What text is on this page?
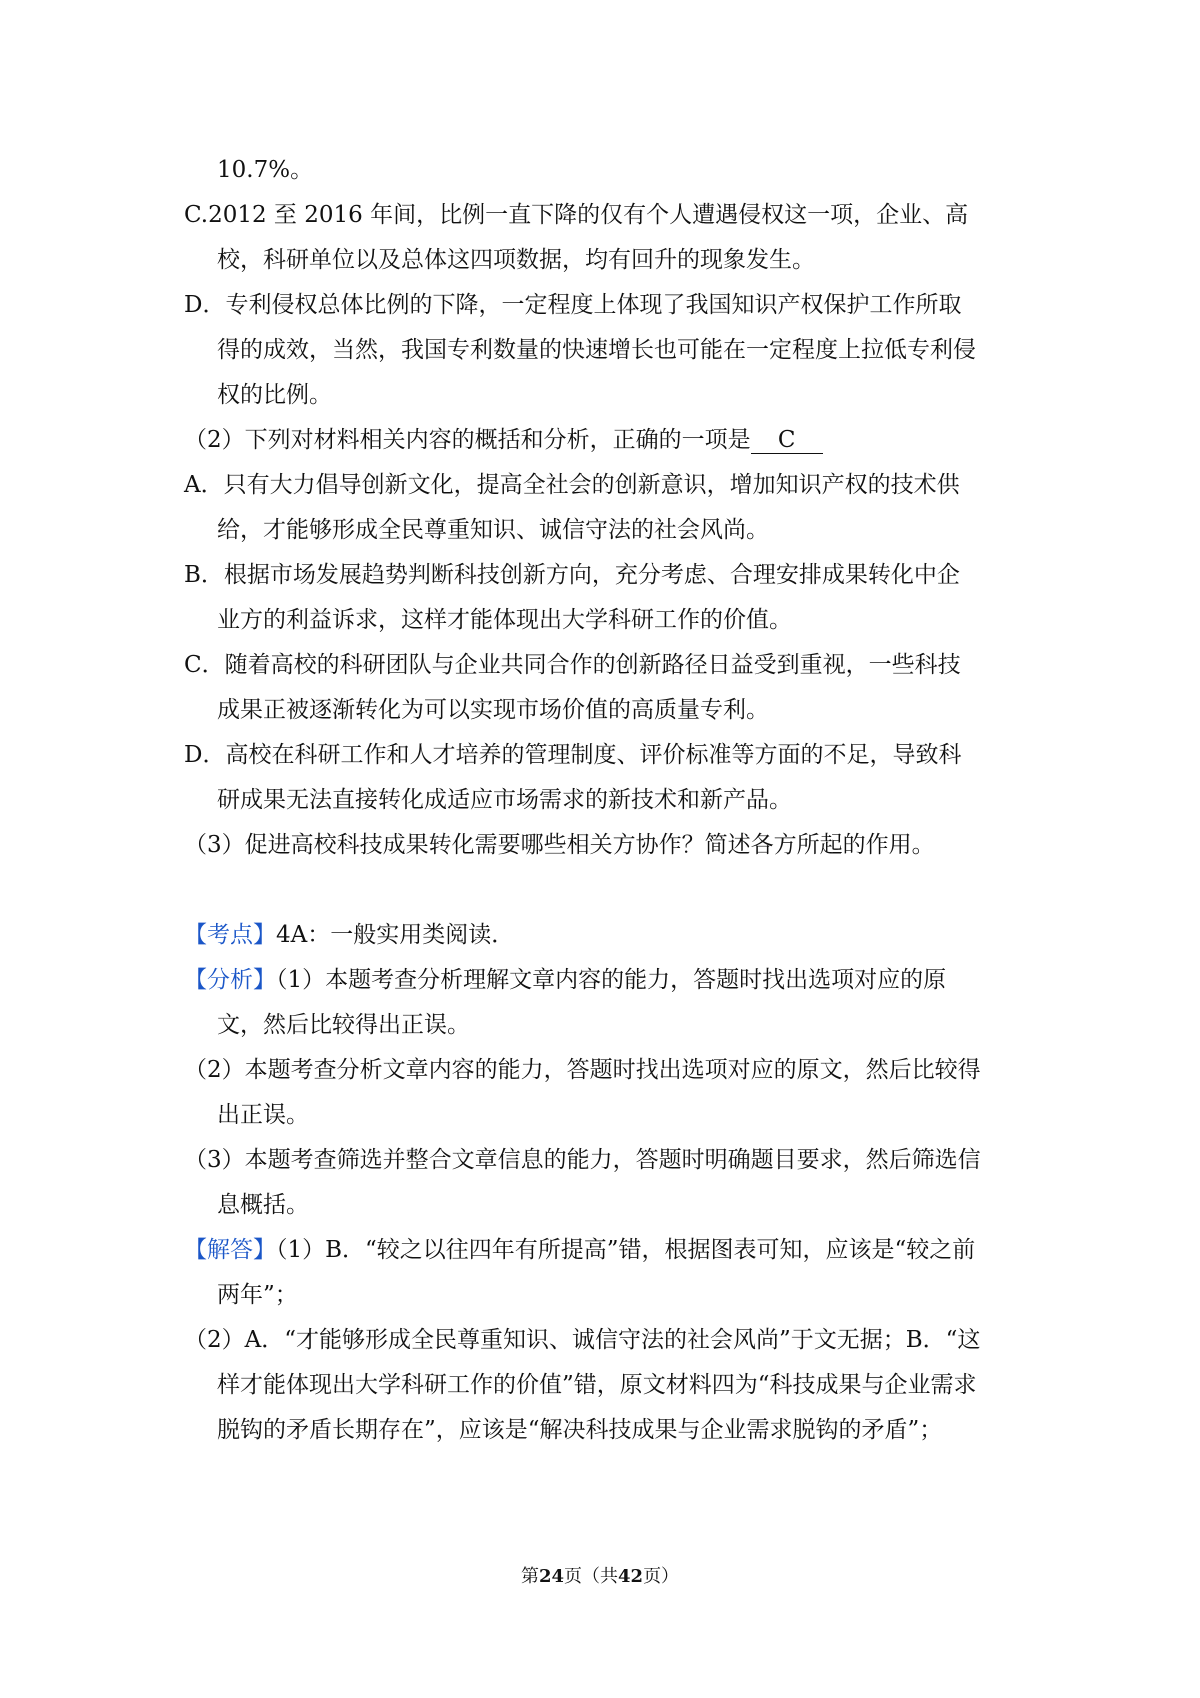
10.7%。
C.2012 至 2016 年间，比例一直下降的仅有个人遭遇侵权这一项，企业、高
校，科研单位以及总体这四项数据，均有回升的现象发生。
D．专利侵权总体比例的下降，一定程度上体现了我国知识产权保护工作所取
得的成效，当然，我国专利数量的快速增长也可能在一定程度上拉低专利侵
权的比例。
（2）下列对材料相关内容的概括和分析，正确的一项是 C
A．只有大力倡导创新文化，提高全社会的创新意识，增加知识产权的技术供
给，才能够形成全民尊重知识、诚信守法的社会风尚。
B．根据市场发展趋势判断科技创新方向，充分考虑、合理安排成果转化中企
业方的利益诉求，这样才能体现出大学科研工作的价值。
C．随着高校的科研团队与企业共同合作的创新路径日益受到重视，一些科技
成果正被逐渐转化为可以实现市场价值的高质量专利。
D．高校在科研工作和人才培养的管理制度、评价标准等方面的不足，导致科
研成果无法直接转化成适应市场需求的新技术和新产品。
（3）促进高校科技成果转化需要哪些相关方协作？简述各方所起的作用。
【考点】4A：一般实用类阅读．
【分析】（1）本题考查分析理解文章内容的能力，答题时找出选项对应的原
文，然后比较得出正误。
（2）本题考查分析文章内容的能力，答题时找出选项对应的原文，然后比较得
出正误。
（3）本题考查筛选并整合文章信息的能力，答题时明确题目要求，然后筛选信
息概括。
【解答】（1）B．“较之以往四年有所提高”错，根据图表可知，应该是“较之前
两年”；
（2）A．“才能够形成全民尊重知识、诚信守法的社会风尚”于文无据；B．“这
样才能体现出大学科研工作的价值”错，原文材料四为“科技成果与企业需求
脱钩的矛盾长期存在”，应该是“解决科技成果与企业需求脱钩的矛盾”；
第24页（共42页）
